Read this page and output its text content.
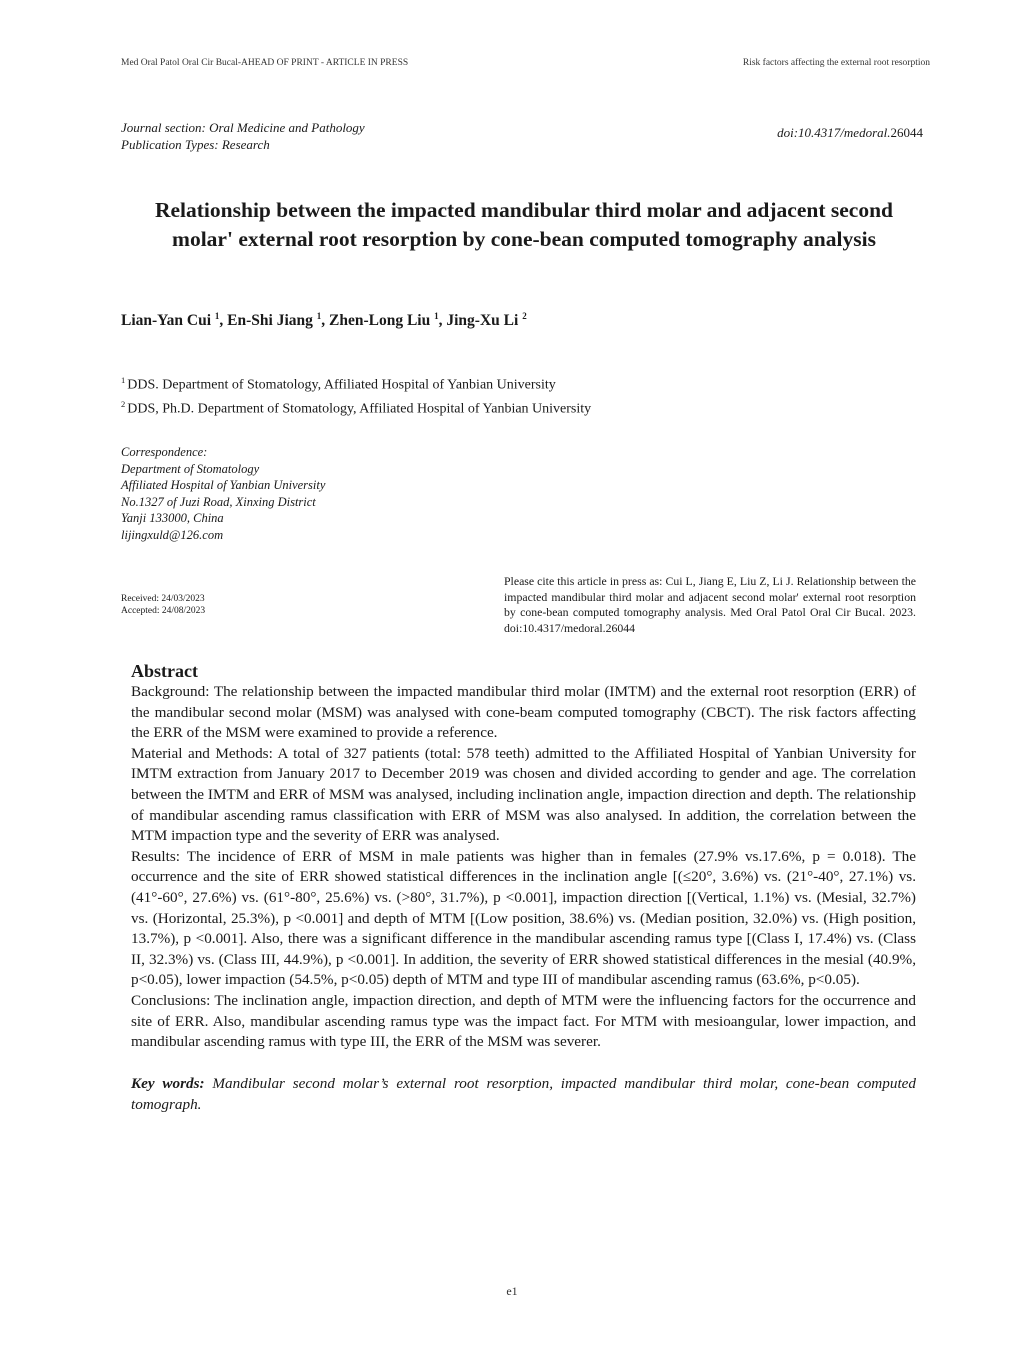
Med Oral Patol Oral Cir Bucal-AHEAD OF PRINT - ARTICLE IN PRESS	Risk factors affecting the external root resorption
Journal section: Oral Medicine and Pathology
Publication Types: Research
doi:10.4317/medoral.26044
Relationship between the impacted mandibular third molar and adjacent second
molar' external root resorption by cone-bean computed tomography analysis
Lian-Yan Cui $^1$, En-Shi Jiang $^1$, Zhen-Long Liu $^1$, Jing-Xu Li $^2$
$^1$ DDS. Department of Stomatology, Affiliated Hospital of Yanbian University
$^2$ DDS, Ph.D. Department of Stomatology, Affiliated Hospital of Yanbian University
Correspondence:
Department of Stomatology
Affiliated Hospital of Yanbian University
No.1327 of Juzi Road, Xinxing District
Yanji 133000, China
lijingxuld@126.com
Received: 24/03/2023
Accepted: 24/08/2023
Please cite this article in press as: Cui L, Jiang E, Liu Z, Li J. Relationship between the impacted mandibular third molar and adjacent second molar' external root resorption by cone-bean computed tomography analysis. Med Oral Patol Oral Cir Bucal. 2023. doi:10.4317/medoral.26044
Abstract

Background: The relationship between the impacted mandibular third molar (IMTM) and the external root resorption (ERR) of the mandibular second molar (MSM) was analysed with cone-beam computed tomography (CBCT). The risk factors affecting the ERR of the MSM were examined to provide a reference.

Material and Methods: A total of 327 patients (total: 578 teeth) admitted to the Affiliated Hospital of Yanbian University for IMTM extraction from January 2017 to December 2019 was chosen and divided according to gender and age. The correlation between the IMTM and ERR of MSM was analysed, including inclination angle, impaction direction and depth. The relationship of mandibular ascending ramus classification with ERR of MSM was also analysed. In addition, the correlation between the MTM impaction type and the severity of ERR was analysed.

Results: The incidence of ERR of MSM in male patients was higher than in females (27.9% vs.17.6%, p = 0.018). The occurrence and the site of ERR showed statistical differences in the inclination angle [(≤20°, 3.6%) vs. (21°-40°, 27.1%) vs. (41°-60°, 27.6%) vs. (61°-80°, 25.6%) vs. (>80°, 31.7%), p <0.001], impaction direction [(Vertical, 1.1%) vs. (Mesial, 32.7%) vs. (Horizontal, 25.3%), p <0.001] and depth of MTM [(Low position, 38.6%) vs. (Median position, 32.0%) vs. (High position, 13.7%), p <0.001]. Also, there was a significant difference in the mandibular ascending ramus type [(Class I, 17.4%) vs. (Class II, 32.3%) vs. (Class III, 44.9%), p <0.001]. In addition, the severity of ERR showed statistical differences in the mesial (40.9%, p<0.05), lower impaction (54.5%, p<0.05) depth of MTM and type III of mandibular ascending ramus (63.6%, p<0.05).

Conclusions: The inclination angle, impaction direction, and depth of MTM were the influencing factors for the occurrence and site of ERR. Also, mandibular ascending ramus type was the impact fact. For MTM with mesioangular, lower impaction, and mandibular ascending ramus with type III, the ERR of the MSM was severer.

Key words: Mandibular second molar’s external root resorption, impacted mandibular third molar, cone-bean computed tomograph.
e1
